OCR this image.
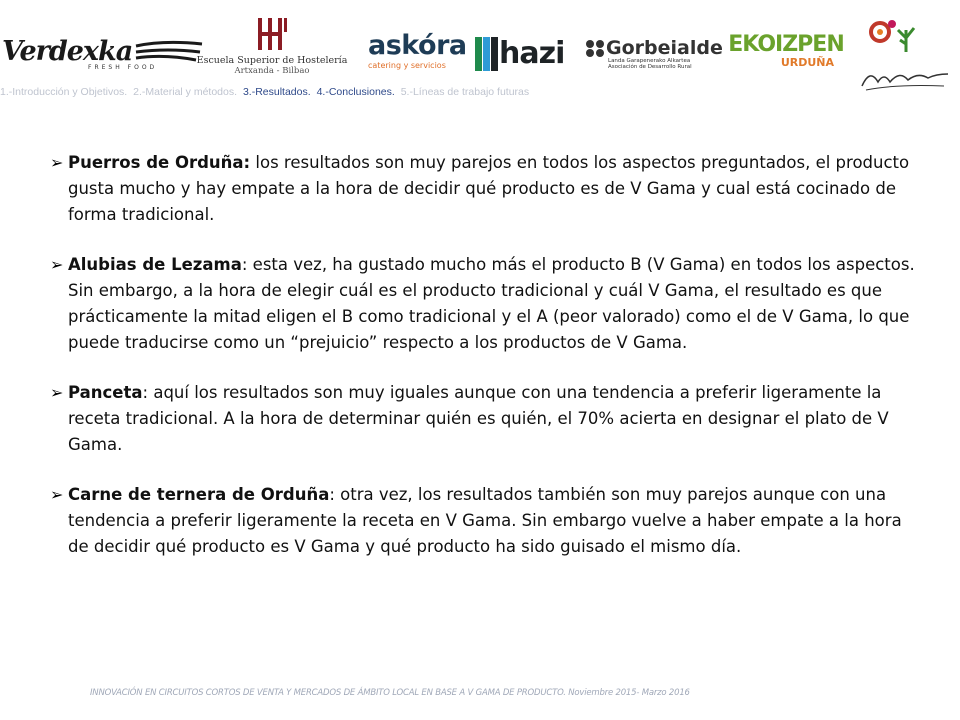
Verdexka
FRESH FOOD
Escuela Superior de Hostelería
Artxanda - Bilbao
askóra
catering y servicios hazi Gorbeialde
Landa Garapenerako Alkartea
Asociación de Desarrollo Rural
EKOIZPEN
URDUÑA
1.-Introducción y Objetivos. 2.-Material y métodos. 3.-Resultados. 4.-Conclusiones. 5.-Líneas de trabajo futuras
➢ Puerros de Orduña: los resultados son muy parejos en todos los aspectos preguntados, el producto gusta mucho y hay empate a la hora de decidir qué producto es de V Gama y cual está cocinado de forma tradicional.
➢ Alubias de Lezama: esta vez, ha gustado mucho más el producto B (V Gama) en todos los aspectos. Sin embargo, a la hora de elegir cuál es el producto tradicional y cuál V Gama, el resultado es que prácticamente la mitad eligen el B como tradicional y el A (peor valorado) como el de V Gama, lo que puede traducirse como un “prejuicio” respecto a los productos de V Gama.
➢ Panceta: aquí los resultados son muy iguales aunque con una tendencia a preferir ligeramente la receta tradicional. A la hora de determinar quién es quién, el 70% acierta en designar el plato de V Gama.
➢ Carne de ternera de Orduña: otra vez, los resultados también son muy parejos aunque con una tendencia a preferir ligeramente la receta en V Gama. Sin embargo vuelve a haber empate a la hora de decidir qué producto es V Gama y qué producto ha sido guisado el mismo día.
INNOVACIÓN EN CIRCUITOS CORTOS DE VENTA Y MERCADOS DE ÁMBITO LOCAL EN BASE A V GAMA DE PRODUCTO. Noviembre 2015- Marzo 2016
